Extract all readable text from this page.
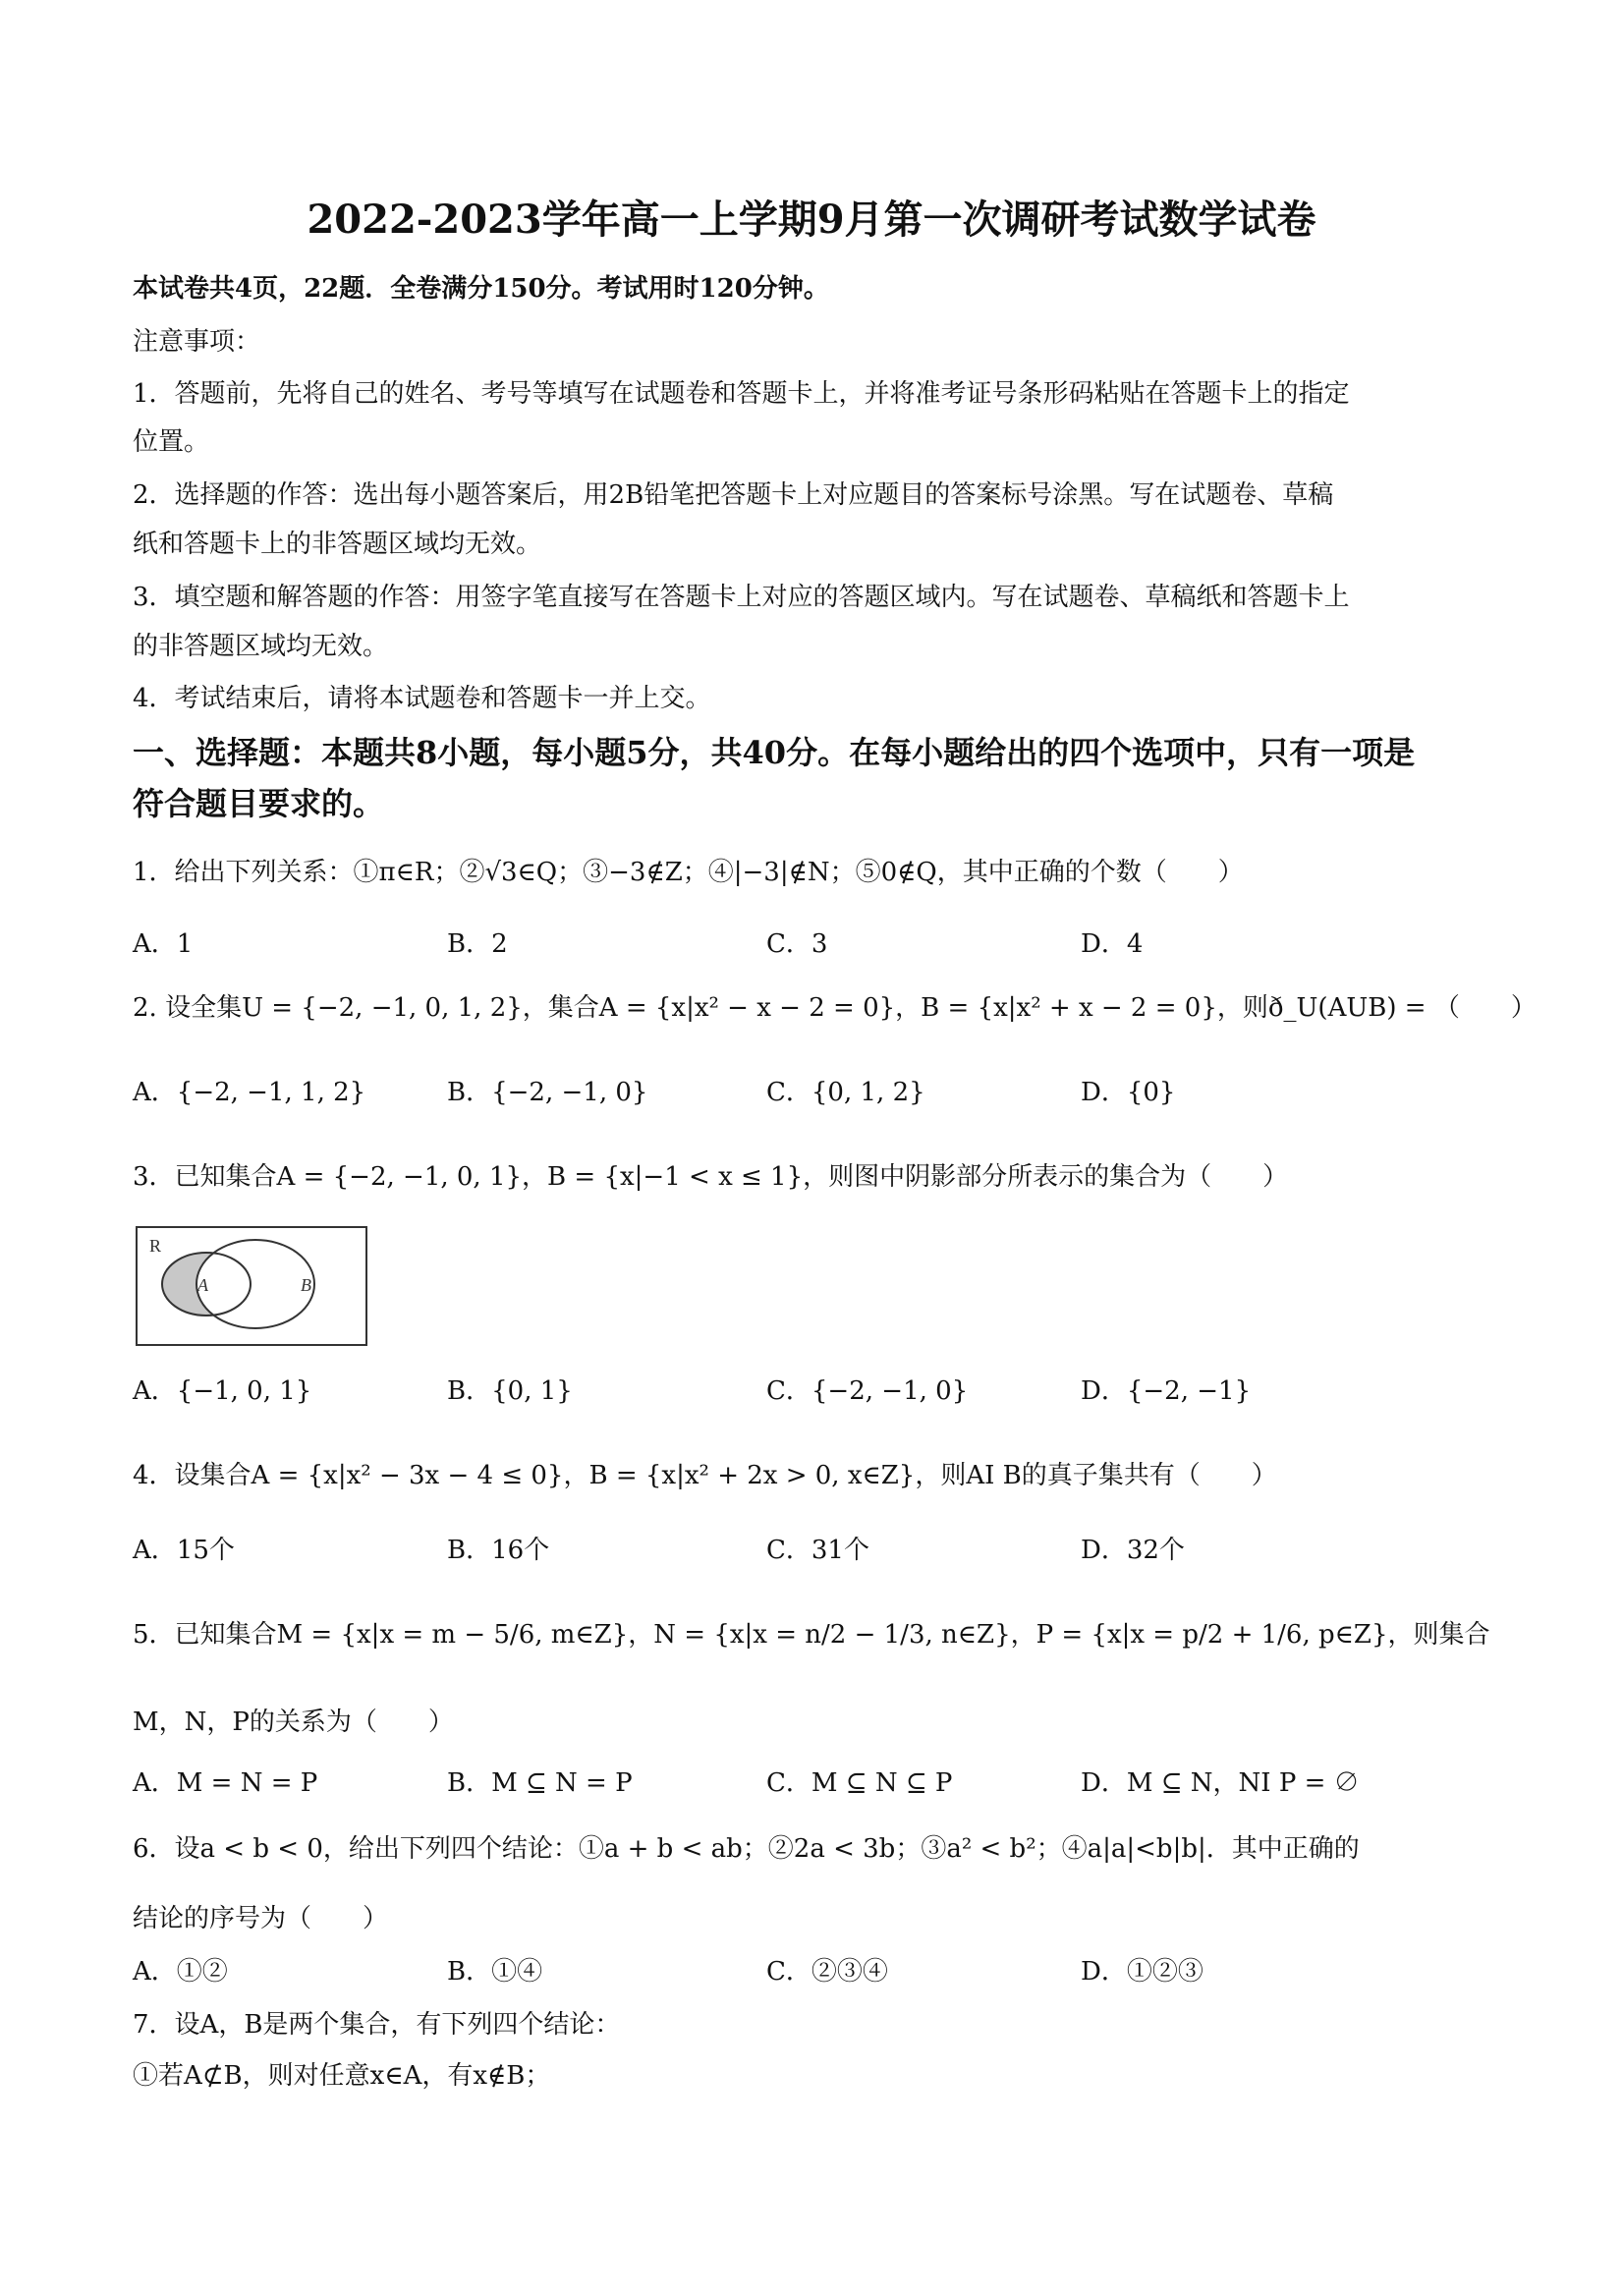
2022-2023学年高一上学期9月第一次调研考试数学试卷
本试卷共4页，22题．全卷满分150分。考试用时120分钟。
注意事项：
1．答题前，先将自己的姓名、考号等填写在试题卷和答题卡上，并将准考证号条形码粘贴在答题卡上的指定
位置。
2．选择题的作答：选出每小题答案后，用2B铅笔把答题卡上对应题目的答案标号涂黑。写在试题卷、草稿
纸和答题卡上的非答题区域均无效。
3．填空题和解答题的作答：用签字笔直接写在答题卡上对应的答题区域内。写在试题卷、草稿纸和答题卡上
的非答题区域均无效。
4．考试结束后，请将本试题卷和答题卡一并上交。
一、选择题：本题共8小题，每小题5分，共40分。在每小题给出的四个选项中，只有一项是
符合题目要求的。
1．给出下列关系：①π∈R；②√3∈Q；③−3∉Z；④|−3|∉N；⑤0∉Q，其中正确的个数（　　）
A．1	B．2	C．3	D．4
2. 设全集U = {−2, −1, 0, 1, 2}，集合A = {x|x² − x − 2 = 0}，B = {x|x² + x − 2 = 0}，则ð_U(AUB) = （　　）
A．{−2, −1, 1, 2}	B．{−2, −1, 0}	C．{0, 1, 2}	D．{0}
3．已知集合A = {−2, −1, 0, 1}，B = {x|−1 < x ≤ 1}，则图中阴影部分所表示的集合为（　　）
R
A	B
A．{−1, 0, 1}	B．{0, 1}	C．{−2, −1, 0}	D．{−2, −1}
4．设集合A = {x|x² − 3x − 4 ≤ 0}，B = {x|x² + 2x > 0, x∈Z}，则AI B的真子集共有（　　）
A．15个	B．16个	C．31个	D．32个
5．已知集合M = {x|x = m − 5/6, m∈Z}，N = {x|x = n/2 − 1/3, n∈Z}，P = {x|x = p/2 + 1/6, p∈Z}，则集合
M，N，P的关系为（　　）
A．M = N = P	B．M ⊆ N = P	C．M ⊆ N ⊆ P	D．M ⊆ N，NI P = ∅
6．设a < b < 0，给出下列四个结论：①a + b < ab；②2a < 3b；③a² < b²；④a|a|<b|b|．其中正确的
结论的序号为（　　）
A．①②	B．①④	C．②③④	D．①②③
7．设A，B是两个集合，有下列四个结论：
①若A⊄B，则对任意x∈A，有x∉B；
